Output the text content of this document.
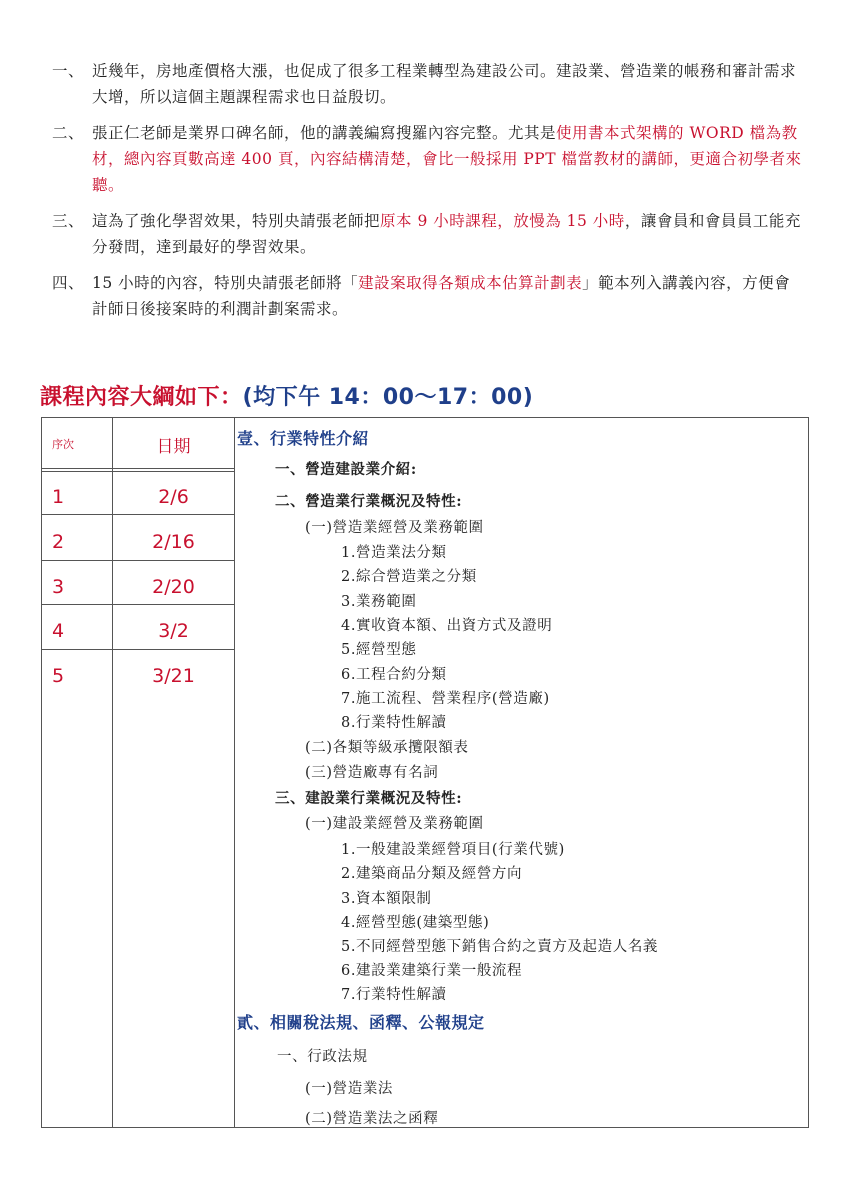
一、 近幾年，房地產價格大漲，也促成了很多工程業轉型為建設公司。建設業、營造業的帳務和審計需求大增，所以這個主題課程需求也日益殷切。
二、 張正仁老師是業界口碑名師，他的講義編寫搜羅內容完整。尤其是使用書本式架構的 WORD 檔為教材，總內容頁數高達 400 頁，內容結構清楚，會比一般採用 PPT 檔當教材的講師，更適合初學者來聽。
三、 這為了強化學習效果，特別央請張老師把原本 9 小時課程，放慢為 15 小時，讓會員和會員員工能充分發問，達到最好的學習效果。
四、 15 小時的內容，特別央請張老師將「建設案取得各類成本估算計劃表」範本列入講義內容，方便會計師日後接案時的利潤計劃案需求。
課程內容大綱如下：(均下午 14：00～17：00)
序次
1
2
3
4
5
日期
2/6
2/16
2/20
3/2
3/21
壹、行業特性介紹
一、營造建設業介紹:
二、營造業行業概況及特性:
(一)營造業經營及業務範圍
1.營造業法分類
2.綜合營造業之分類
3.業務範圍
4.實收資本額、出資方式及證明
5.經營型態
6.工程合約分類
7.施工流程、營業程序(營造廠)
8.行業特性解讀
(二)各類等級承攬限額表
(三)營造廠專有名詞
三、建設業行業概況及特性:
(一)建設業經營及業務範圍
1.一般建設業經營項目(行業代號)
2.建築商品分類及經營方向
3.資本額限制
4.經營型態(建築型態)
5.不同經營型態下銷售合約之賣方及起造人名義
6.建設業建築行業一般流程
7.行業特性解讀
貳、相關稅法規、函釋、公報規定
一、行政法規
(一)營造業法
(二)營造業法之函釋
